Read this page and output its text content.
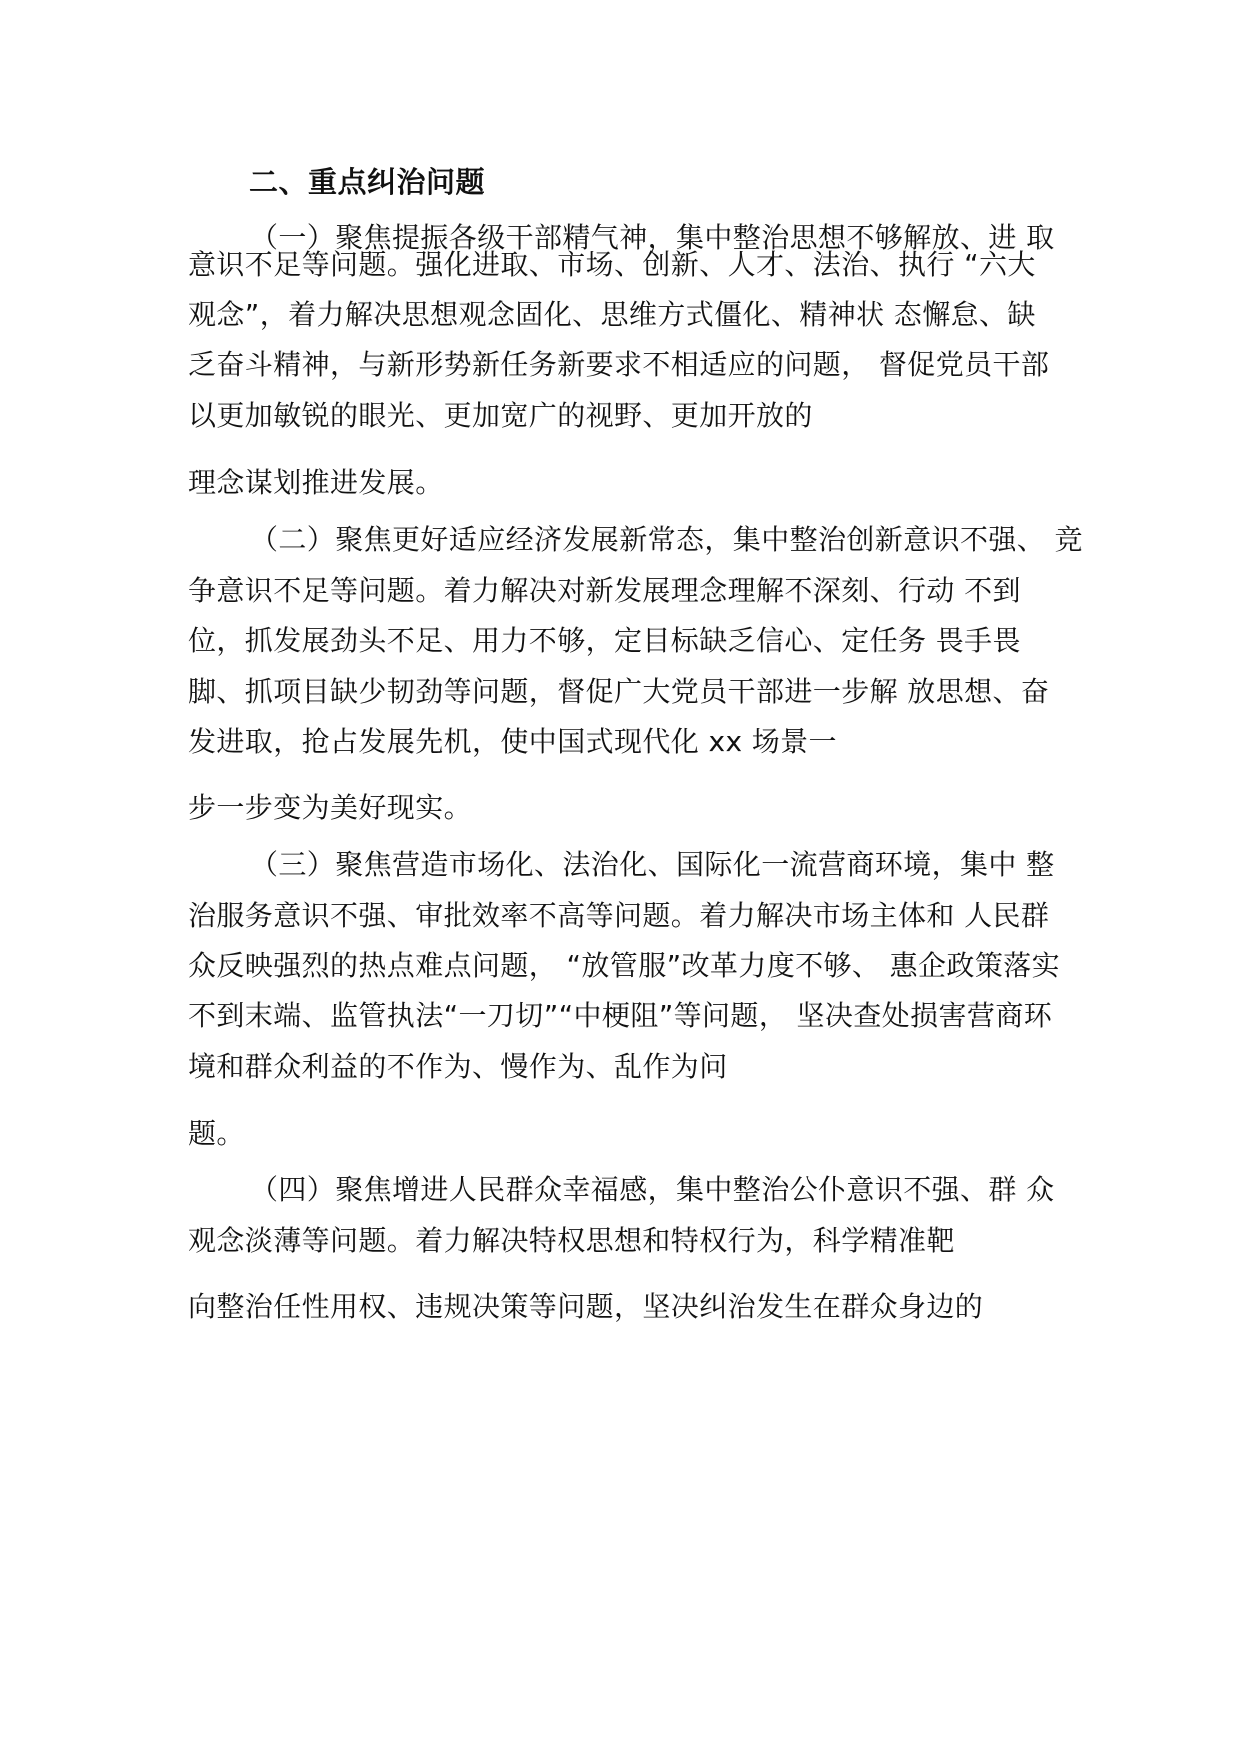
二、重点纠治问题
（一）聚焦提振各级干部精气神，集中整治思想不够解放、进 取
意识不足等问题。强化进取、市场、创新、人才、法治、执行 “六大
观念”，着力解决思想观念固化、思维方式僵化、精神状 态懈怠、缺
乏奋斗精神，与新形势新任务新要求不相适应的问题， 督促党员干部
以更加敏锐的眼光、更加宽广的视野、更加开放的
理念谋划推进发展。
（二）聚焦更好适应经济发展新常态，集中整治创新意识不强、 竞
争意识不足等问题。着力解决对新发展理念理解不深刻、行动 不到
位，抓发展劲头不足、用力不够，定目标缺乏信心、定任务 畏手畏
脚、抓项目缺少韧劲等问题，督促广大党员干部进一步解 放思想、奋
发进取，抢占发展先机，使中国式现代化 xx 场景一
步一步变为美好现实。
（三）聚焦营造市场化、法治化、国际化一流营商环境，集中 整
治服务意识不强、审批效率不高等问题。着力解决市场主体和 人民群
众反映强烈的热点难点问题， “放管服”改革力度不够、 惠企政策落实
不到末端、监管执法“一刀切”“中梗阻”等问题， 坚决查处损害营商环
境和群众利益的不作为、慢作为、乱作为问
题。
（四）聚焦增进人民群众幸福感，集中整治公仆意识不强、群 众
观念淡薄等问题。着力解决特权思想和特权行为，科学精准靶
向整治任性用权、违规决策等问题，坚决纠治发生在群众身边的
